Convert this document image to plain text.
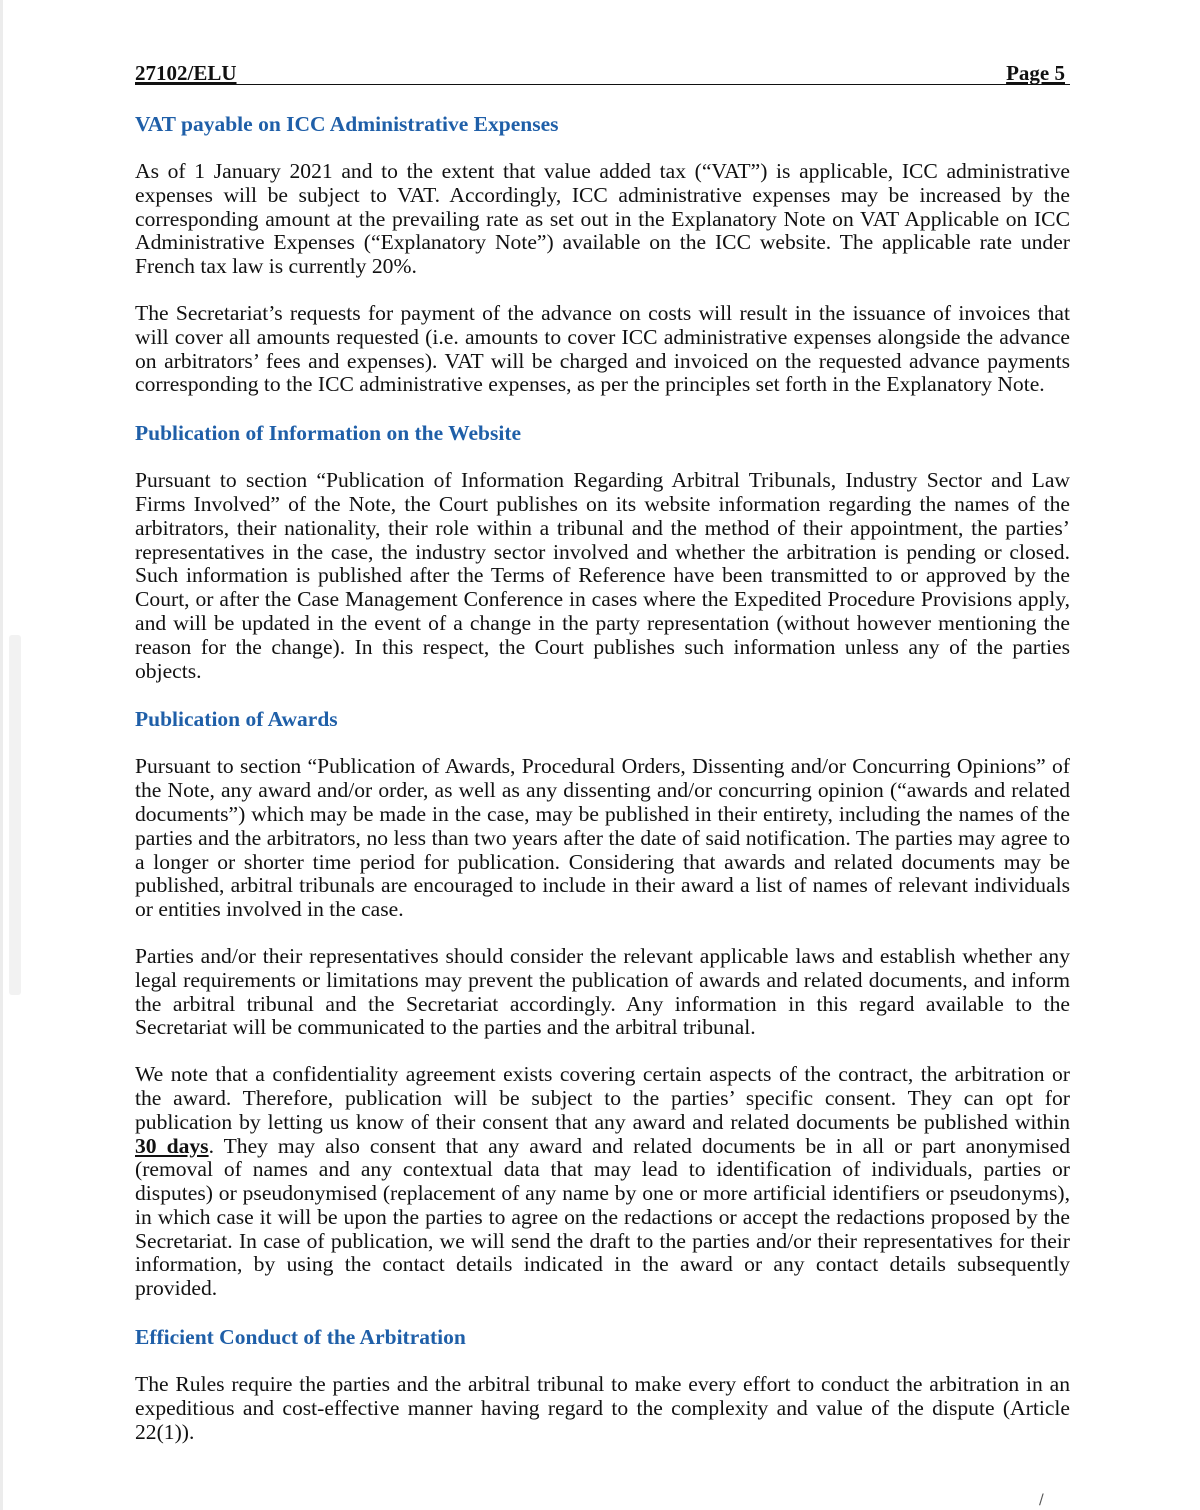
27102/ELU	Page 5
VAT payable on ICC Administrative Expenses

As of 1 January 2021 and to the extent that value added tax (“VAT”) is applicable, ICC administrative expenses will be subject to VAT. Accordingly, ICC administrative expenses may be increased by the corresponding amount at the prevailing rate as set out in the Explanatory Note on VAT Applicable on ICC Administrative Expenses (“Explanatory Note”) available on the ICC website. The applicable rate under French tax law is currently 20%.

The Secretariat’s requests for payment of the advance on costs will result in the issuance of invoices that will cover all amounts requested (i.e. amounts to cover ICC administrative expenses alongside the advance on arbitrators’ fees and expenses). VAT will be charged and invoiced on the requested advance payments corresponding to the ICC administrative expenses, as per the principles set forth in the Explanatory Note.

Publication of Information on the Website

Pursuant to section “Publication of Information Regarding Arbitral Tribunals, Industry Sector and Law Firms Involved” of the Note, the Court publishes on its website information regarding the names of the arbitrators, their nationality, their role within a tribunal and the method of their appointment, the parties’ representatives in the case, the industry sector involved and whether the arbitration is pending or closed. Such information is published after the Terms of Reference have been transmitted to or approved by the Court, or after the Case Management Conference in cases where the Expedited Procedure Provisions apply, and will be updated in the event of a change in the party representation (without however mentioning the reason for the change). In this respect, the Court publishes such information unless any of the parties objects.

Publication of Awards

Pursuant to section “Publication of Awards, Procedural Orders, Dissenting and/or Concurring Opinions” of the Note, any award and/or order, as well as any dissenting and/or concurring opinion (“awards and related documents”) which may be made in the case, may be published in their entirety, including the names of the parties and the arbitrators, no less than two years after the date of said notification. The parties may agree to a longer or shorter time period for publication. Considering that awards and related documents may be published, arbitral tribunals are encouraged to include in their award a list of names of relevant individuals or entities involved in the case.

Parties and/or their representatives should consider the relevant applicable laws and establish whether any legal requirements or limitations may prevent the publication of awards and related documents, and inform the arbitral tribunal and the Secretariat accordingly. Any information in this regard available to the Secretariat will be communicated to the parties and the arbitral tribunal.

We note that a confidentiality agreement exists covering certain aspects of the contract, the arbitration or the award. Therefore, publication will be subject to the parties’ specific consent. They can opt for publication by letting us know of their consent that any award and related documents be published within 30 days. They may also consent that any award and related documents be in all or part anonymised (removal of names and any contextual data that may lead to identification of individuals, parties or disputes) or pseudonymised (replacement of any name by one or more artificial identifiers or pseudonyms), in which case it will be upon the parties to agree on the redactions or accept the redactions proposed by the Secretariat. In case of publication, we will send the draft to the parties and/or their representatives for their information, by using the contact details indicated in the award or any contact details subsequently provided.

Efficient Conduct of the Arbitration

The Rules require the parties and the arbitral tribunal to make every effort to conduct the arbitration in an expeditious and cost-effective manner having regard to the complexity and value of the dispute (Article 22(1)).

/
